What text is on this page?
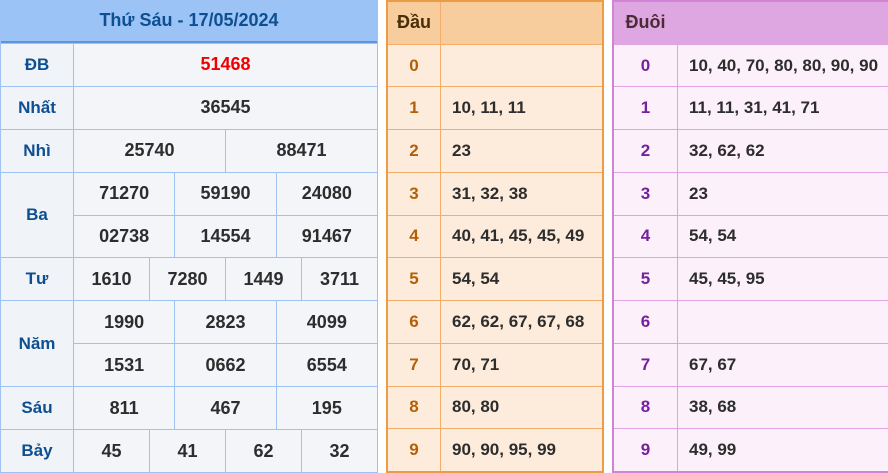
Thứ Sáu - 17/05/2024
ĐB	51468
Nhất	36545
Nhì	25740	88471
Ba
71270	59190	24080
02738	14554	91467
Tư	1610	7280	1449	3711
Năm
1990	2823	4099
1531	0662	6554
Sáu	811	467	195
Bảy	45	41	62	32
Đầu
0
1	10, 11, 11
2	23
3	31, 32, 38
4	40, 41, 45, 45, 49
5	54, 54
6	62, 62, 67, 67, 68
7	70, 71
8	80, 80
9	90, 90, 95, 99
Đuôi
0	10, 40, 70, 80, 80, 90, 90
1	11, 11, 31, 41, 71
2	32, 62, 62
3	23
4	54, 54
5	45, 45, 95
6
7	67, 67
8	38, 68
9	49, 99
